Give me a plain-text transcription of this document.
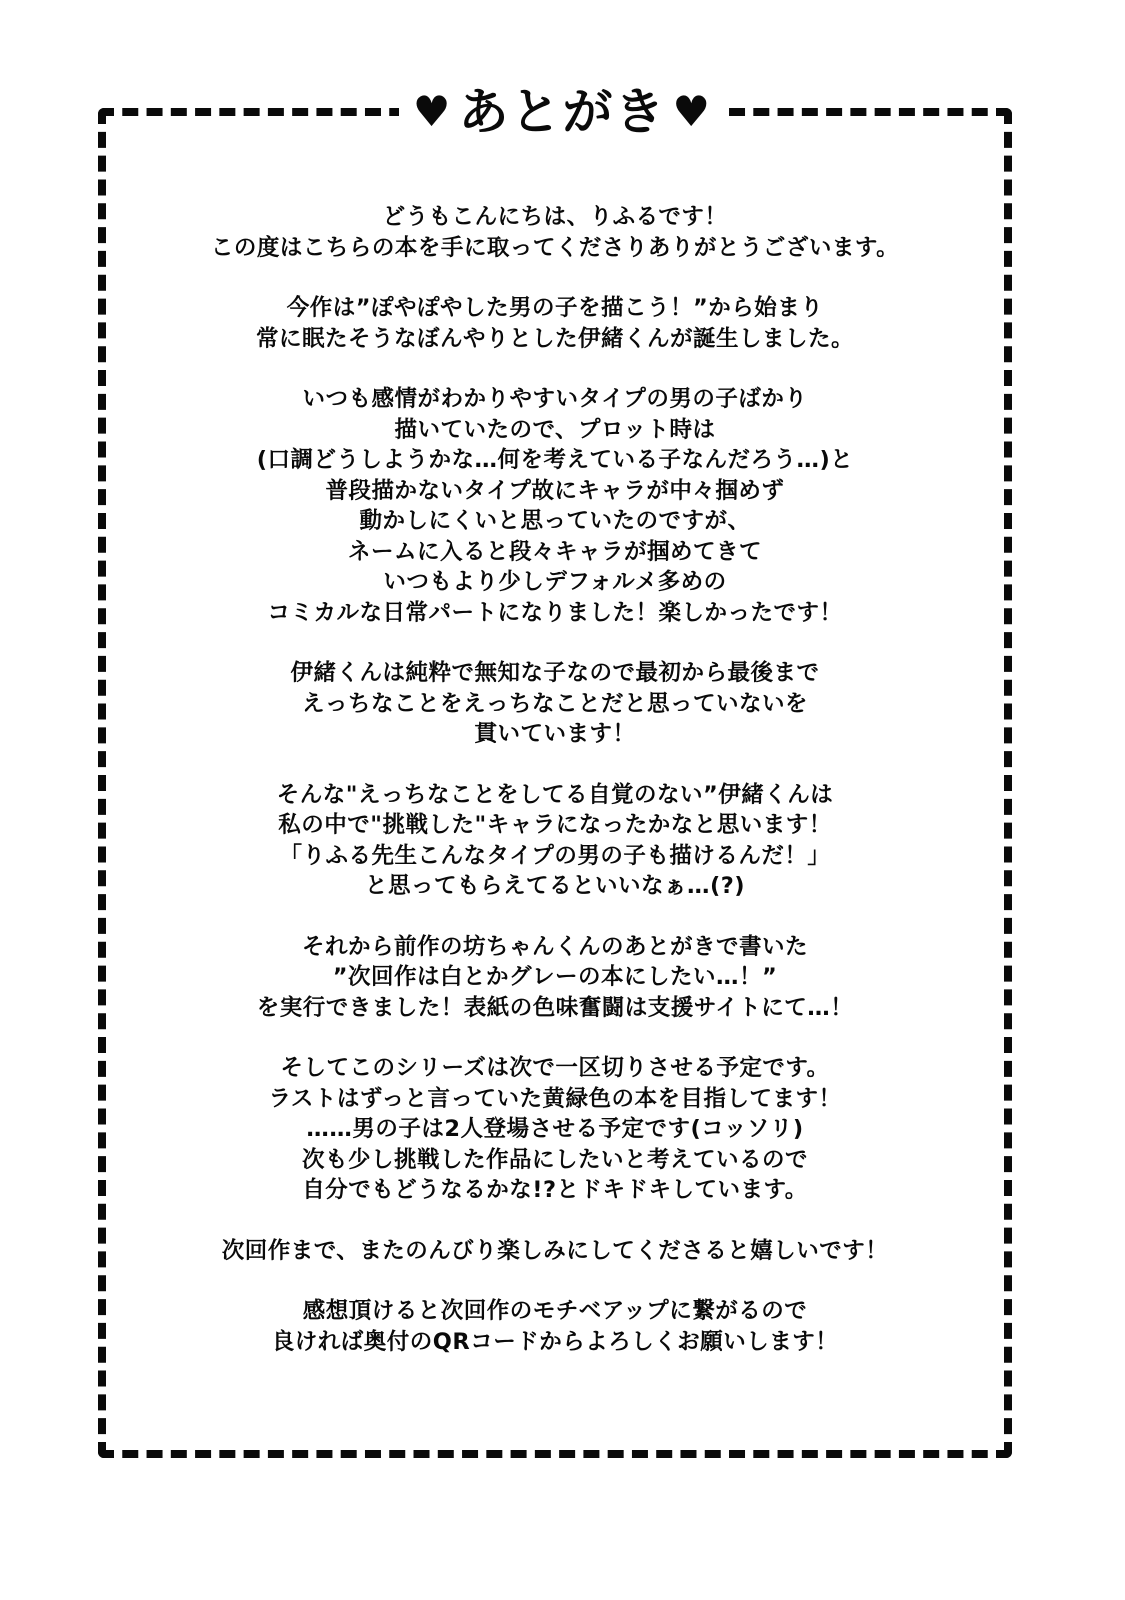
♥ あとがき ♥
どうもこんにちは、りふるです！
この度はこちらの本を手に取ってくださりありがとうございます。
今作は”ぽやぽやした男の子を描こう！”から始まり
常に眠たそうなぼんやりとした伊緒くんが誕生しました。
いつも感情がわかりやすいタイプの男の子ばかり
描いていたので、プロット時は
(口調どうしようかな…何を考えている子なんだろう…)と
普段描かないタイプ故にキャラが中々掴めず
動かしにくいと思っていたのですが、
ネームに入ると段々キャラが掴めてきて
いつもより少しデフォルメ多めの
コミカルな日常パートになりました！楽しかったです！
伊緒くんは純粋で無知な子なので最初から最後まで
えっちなことをえっちなことだと思っていないを
貫いています！
そんな"えっちなことをしてる自覚のない”伊緒くんは
私の中で"挑戦した"キャラになったかなと思います！
「りふる先生こんなタイプの男の子も描けるんだ！」
と思ってもらえてるといいなぁ…(?)
それから前作の坊ちゃんくんのあとがきで書いた
”次回作は白とかグレーの本にしたい…！”
を実行できました！表紙の色味奮闘は支援サイトにて…！
そしてこのシリーズは次で一区切りさせる予定です。
ラストはずっと言っていた黄緑色の本を目指してます！
……男の子は2人登場させる予定です(コッソリ)
次も少し挑戦した作品にしたいと考えているので
自分でもどうなるかな!?とドキドキしています。
次回作まで、またのんびり楽しみにしてくださると嬉しいです！
感想頂けると次回作のモチベアップに繋がるので
良ければ奥付のQRコードからよろしくお願いします！
